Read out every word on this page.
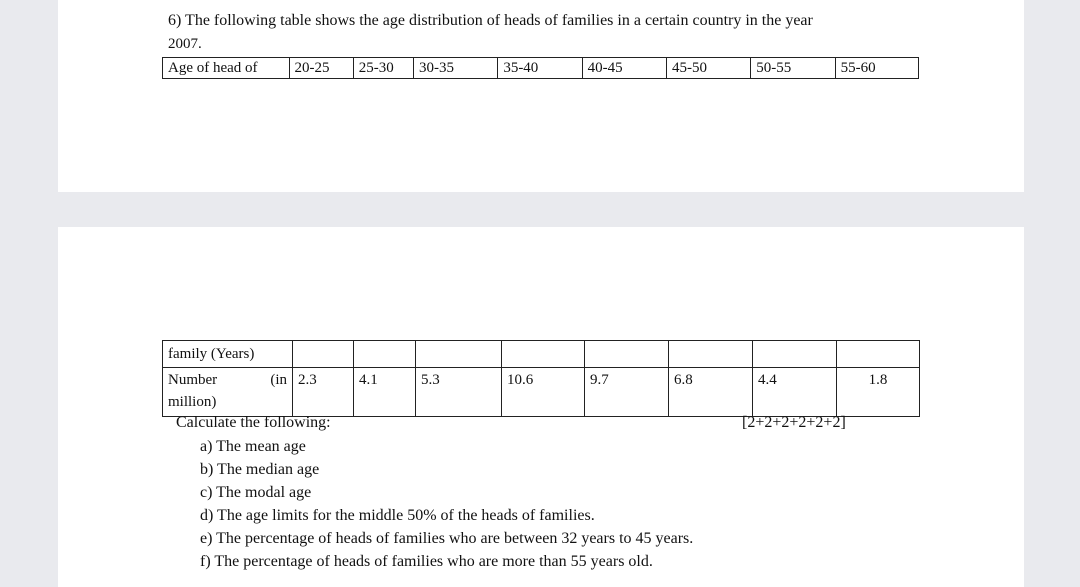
6) The following table shows the age distribution of heads of families in a certain country in the year
2007.
Age of head of	20-25	25-30	30-35	35-40	40-45	45-50	50-55	55-60
family (Years)								

Number (in
million)	2.3	4.1	5.3	10.6	9.7	6.8	4.4	1.8
Calculate the following:	[2+2+2+2+2+2]
a) The mean age
b) The median age
c) The modal age
d) The age limits for the middle 50% of the heads of families.
e) The percentage of heads of families who are between 32 years to 45 years.
f) The percentage of heads of families who are more than 55 years old.
